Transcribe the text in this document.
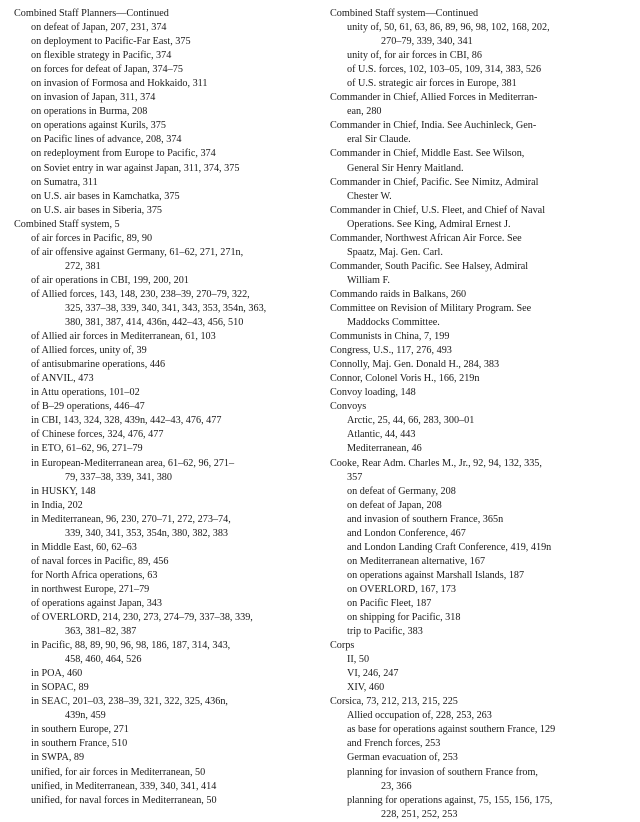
Combined Staff Planners—Continued
on defeat of Japan, 207, 231, 374
on deployment to Pacific-Far East, 375
on flexible strategy in Pacific, 374
on forces for defeat of Japan, 374–75
on invasion of Formosa and Hokkaido, 311
on invasion of Japan, 311, 374
on operations in Burma, 208
on operations against Kurils, 375
on Pacific lines of advance, 208, 374
on redeployment from Europe to Pacific, 374
on Soviet entry in war against Japan, 311, 374, 375
on Sumatra, 311
on U.S. air bases in Kamchatka, 375
on U.S. air bases in Siberia, 375
Combined Staff system, 5
of air forces in Pacific, 89, 90
of air offensive against Germany, 61–62, 271, 271n,
272, 381
of air operations in CBI, 199, 200, 201
of Allied forces, 143, 148, 230, 238–39, 270–79, 322,
325, 337–38, 339, 340, 341, 343, 353, 354n, 363,
380, 381, 387, 414, 436n, 442–43, 456, 510
of Allied air forces in Mediterranean, 61, 103
of Allied forces, unity of, 39
of antisubmarine operations, 446
of ANVIL, 473
in Attu operations, 101–02
of B–29 operations, 446–47
in CBI, 143, 324, 328, 439n, 442–43, 476, 477
of Chinese forces, 324, 476, 477
in ETO, 61–62, 96, 271–79
in European-Mediterranean area, 61–62, 96, 271–
79, 337–38, 339, 341, 380
in HUSKY, 148
in India, 202
in Mediterranean, 96, 230, 270–71, 272, 273–74,
339, 340, 341, 353, 354n, 380, 382, 383
in Middle East, 60, 62–63
of naval forces in Pacific, 89, 456
for North Africa operations, 63
in northwest Europe, 271–79
of operations against Japan, 343
of OVERLORD, 214, 230, 273, 274–79, 337–38, 339,
363, 381–82, 387
in Pacific, 88, 89, 90, 96, 98, 186, 187, 314, 343,
458, 460, 464, 526
in POA, 460
in SOPAC, 89
in SEAC, 201–03, 238–39, 321, 322, 325, 436n,
439n, 459
in southern Europe, 271
in southern France, 510
in SWPA, 89
unified, for air forces in Mediterranean, 50
unified, in Mediterranean, 339, 340, 341, 414
unified, for naval forces in Mediterranean, 50
Combined Staff system—Continued
unity of, 50, 61, 63, 86, 89, 96, 98, 102, 168, 202,
270–79, 339, 340, 341
unity of, for air forces in CBI, 86
of U.S. forces, 102, 103–05, 109, 314, 383, 526
of U.S. strategic air forces in Europe, 381
Commander in Chief, Allied Forces in Mediterran-
ean, 280
Commander in Chief, India. See Auchinleck, Gen-
eral Sir Claude.
Commander in Chief, Middle East. See Wilson,
General Sir Henry Maitland.
Commander in Chief, Pacific. See Nimitz, Admiral
Chester W.
Commander in Chief, U.S. Fleet, and Chief of Naval
Operations. See King, Admiral Ernest J.
Commander, Northwest African Air Force. See
Spaatz, Maj. Gen. Carl.
Commander, South Pacific. See Halsey, Admiral
William F.
Commando raids in Balkans, 260
Committee on Revision of Military Program. See
Maddocks Committee.
Communists in China, 7, 199
Congress, U.S., 117, 276, 493
Connolly, Maj. Gen. Donald H., 284, 383
Connor, Colonel Voris H., 166, 219n
Convoy loading, 148
Convoys
Arctic, 25, 44, 66, 283, 300–01
Atlantic, 44, 443
Mediterranean, 46
Cooke, Rear Adm. Charles M., Jr., 92, 94, 132, 335,
357
on defeat of Germany, 208
on defeat of Japan, 208
and invasion of southern France, 365n
and London Conference, 467
and London Landing Craft Conference, 419, 419n
on Mediterranean alternative, 167
on operations against Marshall Islands, 187
on OVERLORD, 167, 173
on Pacific Fleet, 187
on shipping for Pacific, 318
trip to Pacific, 383
Corps
II, 50
VI, 246, 247
XIV, 460
Corsica, 73, 212, 213, 215, 225
Allied occupation of, 228, 253, 263
as base for operations against southern France, 129
and French forces, 253
German evacuation of, 253
planning for invasion of southern France from,
23, 366
planning for operations against, 75, 155, 156, 175,
228, 251, 252, 253
